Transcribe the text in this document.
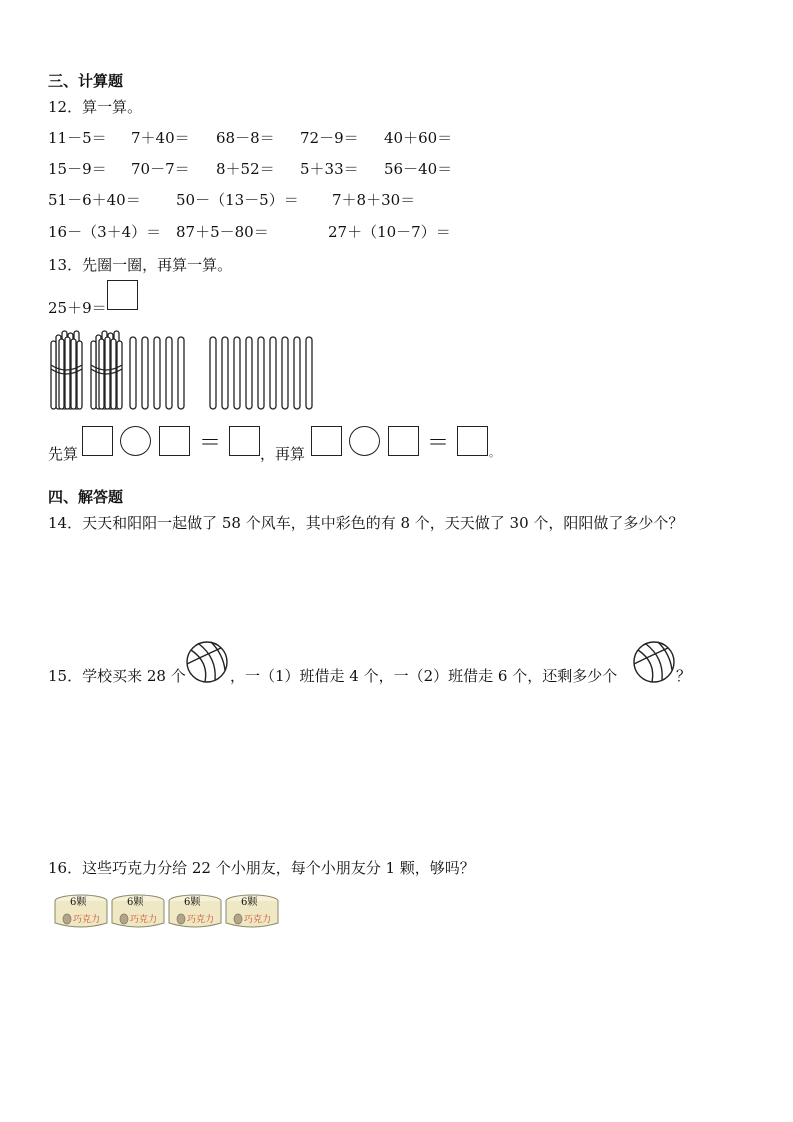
三、计算题
12．算一算。
11－5＝ 7＋40＝ 68－8＝ 72－9＝ 40＋60＝
15－9＝ 70－7＝ 8＋52＝ 5＋33＝ 56－40＝
51－6＋40＝ 50－（13－5）＝ 7＋8＋30＝
16－（3＋4）＝ 87＋5－80＝	27＋（10－7）＝
13．先圈一圈，再算一算。
25＋9＝
先算	＝	，再算	＝	。
四、解答题
14．天天和阳阳一起做了 58 个风车，其中彩色的有 8 个，天天做了 30 个，阳阳做了多少个？
15．学校买来 28 个	，一（1）班借走 4 个，一（2）班借走 6 个，还剩多少个	？
16．这些巧克力分给 22 个小朋友，每个小朋友分 1 颗，够吗？
6颗
巧克力
6颗
巧克力
6颗
巧克力
6颗
巧克力
